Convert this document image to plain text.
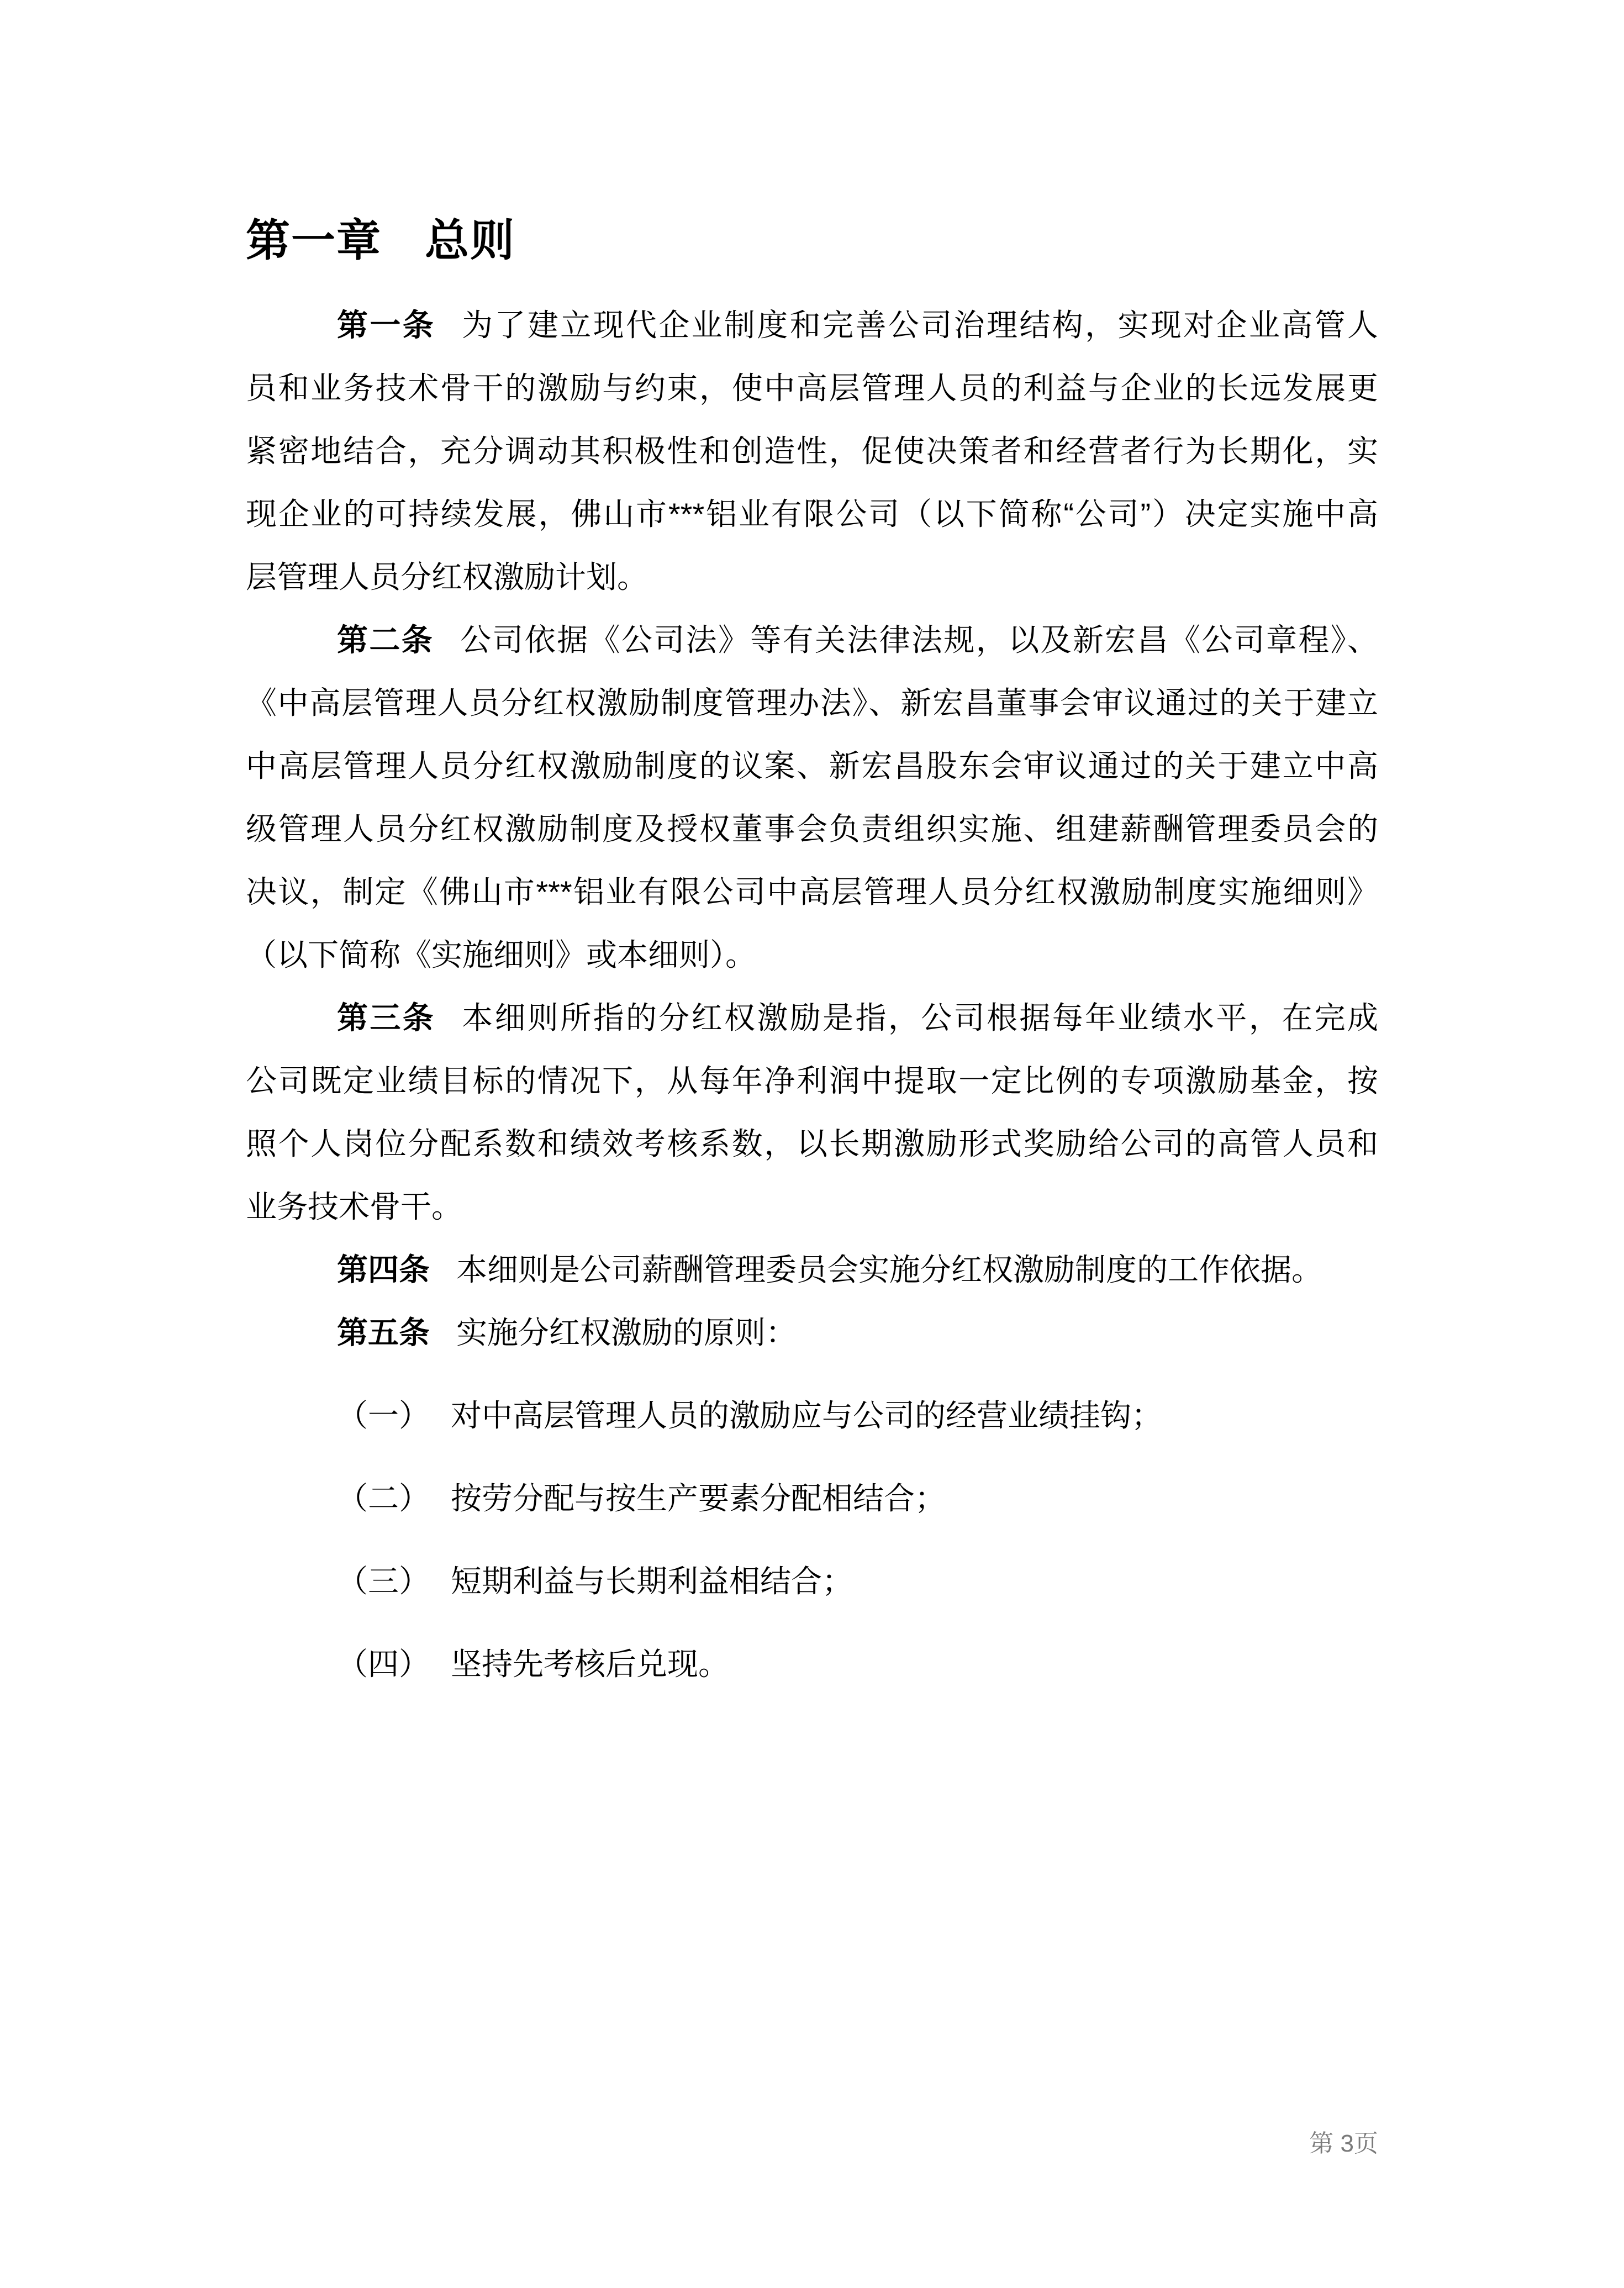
第一章 总则

第一条 为了建立现代企业制度和完善公司治理结构，实现对企业高管人
员和业务技术骨干的激励与约束，使中高层管理人员的利益与企业的长远发展更
紧密地结合，充分调动其积极性和创造性，促使决策者和经营者行为长期化，实
现企业的可持续发展，佛山市***铝业有限公司（以下简称“公司”）决定实施中高
层管理人员分红权激励计划。

第二条 公司依据《公司法》等有关法律法规，以及新宏昌《公司章程》、
《中高层管理人员分红权激励制度管理办法》、新宏昌董事会审议通过的关于建立
中高层管理人员分红权激励制度的议案、新宏昌股东会审议通过的关于建立中高
级管理人员分红权激励制度及授权董事会负责组织实施、组建薪酬管理委员会的
决议，制定《佛山市***铝业有限公司中高层管理人员分红权激励制度实施细则》
（以下简称《实施细则》或本细则）。

第三条 本细则所指的分红权激励是指，公司根据每年业绩水平，在完成
公司既定业绩目标的情况下，从每年净利润中提取一定比例的专项激励基金，按
照个人岗位分配系数和绩效考核系数，以长期激励形式奖励给公司的高管人员和
业务技术骨干。

第四条 本细则是公司薪酬管理委员会实施分红权激励制度的工作依据。

第五条 实施分红权激励的原则：

（一） 对中高层管理人员的激励应与公司的经营业绩挂钩；
（二） 按劳分配与按生产要素分配相结合；
（三） 短期利益与长期利益相结合；
（四） 坚持先考核后兑现。
第 3页
